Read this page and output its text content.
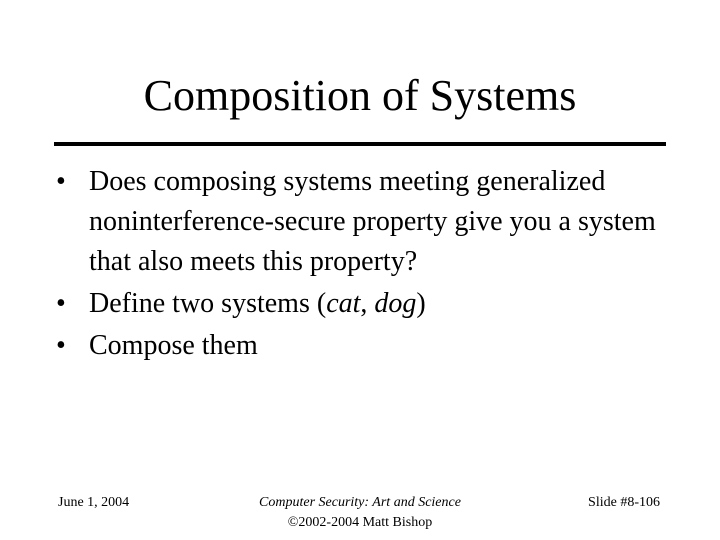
Composition of Systems
• Does composing systems meeting generalized noninterference-secure property give you a system that also meets this property?
• Define two systems (cat, dog)
• Compose them
June 1, 2004	Computer Security: Art and Science
©2002-2004 Matt Bishop
Slide #8-106
